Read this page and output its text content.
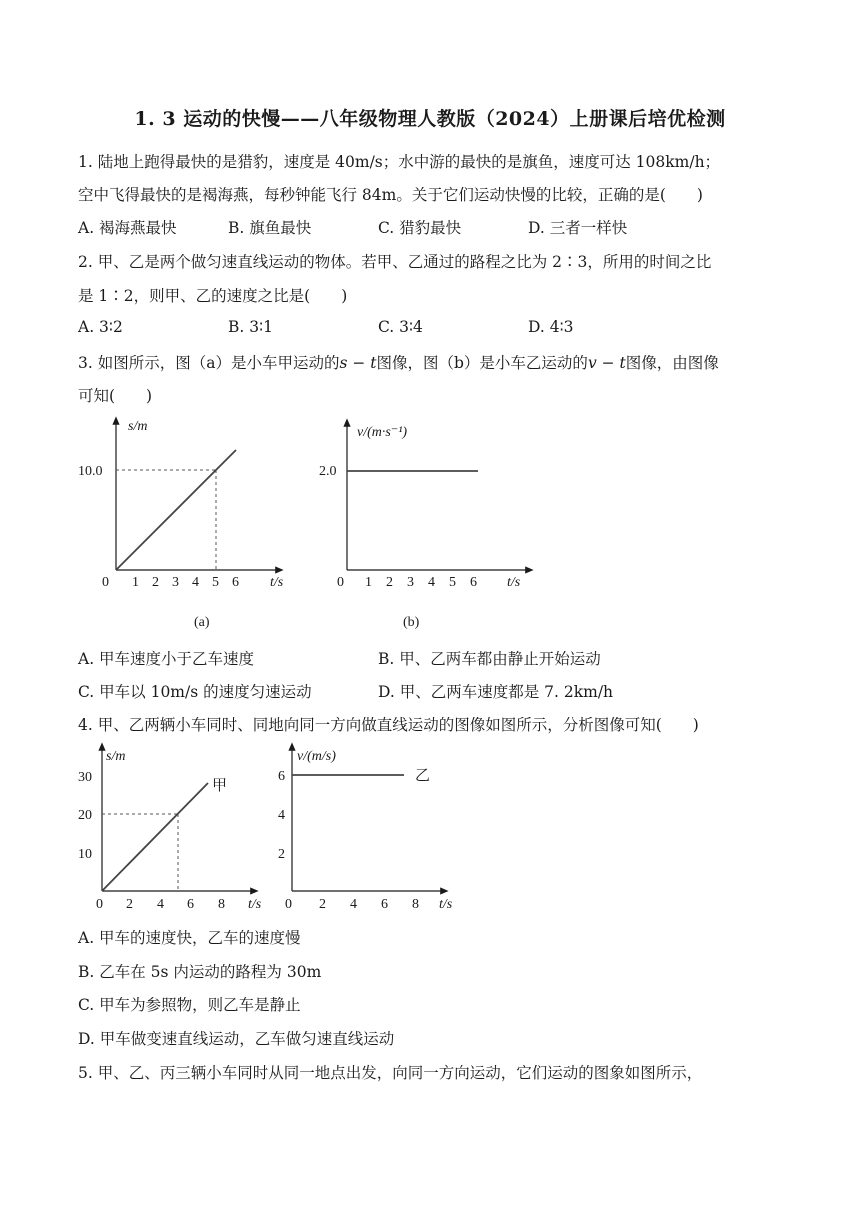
1. 3 运动的快慢——八年级物理人教版（2024）上册课后培优检测
1. 陆地上跑得最快的是猎豹，速度是 40m/s；水中游的最快的是旗鱼，速度可达 108km/h；
空中飞得最快的是褐海燕，每秒钟能飞行 84m。关于它们运动快慢的比较，正确的是(　　)
A. 褐海燕最快	B. 旗鱼最快	C. 猎豹最快	D. 三者一样快
2. 甲、乙是两个做匀速直线运动的物体。若甲、乙通过的路程之比为 2∶3，所用的时间之比
是 1∶2，则甲、乙的速度之比是(　　)
A. 3∶2	B. 3∶1	C. 3∶4	D. 4∶3
3. 如图所示，图（a）是小车甲运动的s − t图像，图（b）是小车乙运动的v − t图像，由图像
可知(　　)
s/m
t/s
10.0
0 1 2 3 4 5 6
(a)
v/(m·s⁻¹)
t/s
2.0
0 1 2 3 4 5 6
(b)
A. 甲车速度小于乙车速度	B. 甲、乙两车都由静止开始运动
C. 甲车以 10m/s 的速度匀速运动	D. 甲、乙两车速度都是 7. 2km/h
4. 甲、乙两辆小车同时、同地向同一方向做直线运动的图像如图所示，分析图像可知(　　)
s/m
t/s
30
20
10
甲
0 2 4 6 8
v/(m/s)
t/s
6
4
2
乙
0 2 4 6 8
A. 甲车的速度快，乙车的速度慢
B. 乙车在 5s 内运动的路程为 30m
C. 甲车为参照物，则乙车是静止
D. 甲车做变速直线运动，乙车做匀速直线运动
5. 甲、乙、丙三辆小车同时从同一地点出发，向同一方向运动，它们运动的图象如图所示，
